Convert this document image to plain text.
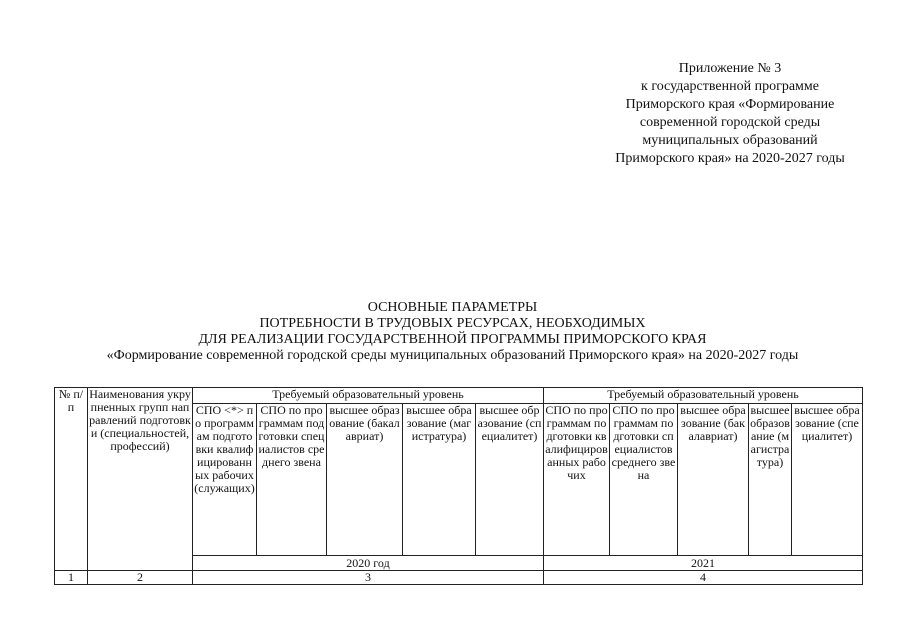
Приложение № 3
к государственной программе
Приморского края «Формирование
современной городской среды
муниципальных образований
Приморского края» на 2020-2027 годы
ОСНОВНЫЕ ПАРАМЕТРЫ
ПОТРЕБНОСТИ В ТРУДОВЫХ РЕСУРСАХ, НЕОБХОДИМЫХ
ДЛЯ РЕАЛИЗАЦИИ ГОСУДАРСТВЕННОЙ ПРОГРАММЫ ПРИМОРСКОГО КРАЯ
«Формирование современной городской среды муниципальных образований Приморского края» на 2020-2027 годы
№ п/п	Наименования укрупненных групп направлений подготовки (специальностей, профессий)	Требуемый образовательный уровень					Требуемый образовательный уровень				
		СПО <*> по программам подготовки квалифицированных рабочих (служащих)	СПО по программам подготовки специалистов среднего звена	высшее образование (бакалавриат)	высшее образование (магистратура)	высшее образование (специалитет)	СПО по программам подготовки квалифицированных рабочих	СПО по программам подготовки специалистов среднего звена	высшее образование (бакалавриат)	высшее образование (магистратура)	высшее образование (специалитет)
		2020 год					2021				
1	2	3					4				
